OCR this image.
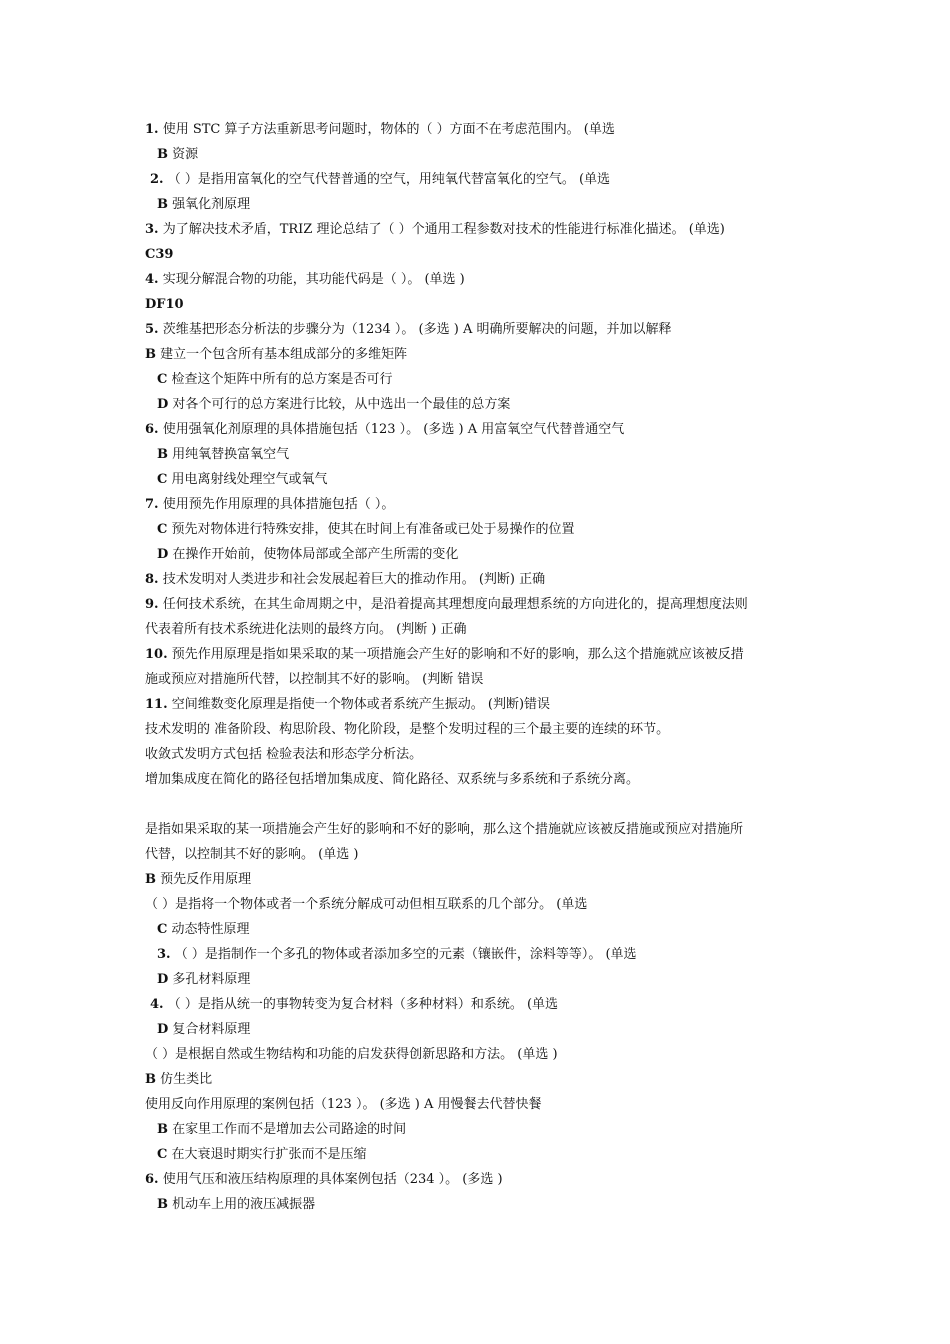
1. 使用 STC 算子方法重新思考问题时，物体的（ ）方面不在考虑范围内。 (单选
B 资源
2. （ ）是指用富氧化的空气代替普通的空气，用纯氧代替富氧化的空气。 (单选
B 强氧化剂原理
3. 为了解决技术矛盾，TRIZ 理论总结了（ ）个通用工程参数对技术的性能进行标准化描述。 (单选)
C39
4. 实现分解混合物的功能，其功能代码是（ ）。 (单选 )
DF10
5. 茨维基把形态分析法的步骤分为（1234 ）。 (多选 ) A 明确所要解决的问题，并加以解释
B 建立一个包含所有基本组成部分的多维矩阵
C 检查这个矩阵中所有的总方案是否可行
D 对各个可行的总方案进行比较，从中选出一个最佳的总方案
6. 使用强氧化剂原理的具体措施包括（123 ）。 (多选 ) A 用富氧空气代替普通空气
B 用纯氧替换富氧空气
C 用电离射线处理空气或氧气
7. 使用预先作用原理的具体措施包括（ ）。
C 预先对物体进行特殊安排，使其在时间上有准备或已处于易操作的位置
D 在操作开始前，使物体局部或全部产生所需的变化
8. 技术发明对人类进步和社会发展起着巨大的推动作用。 (判断) 正确
9. 任何技术系统，在其生命周期之中，是沿着提高其理想度向最理想系统的方向进化的，提高理想度法则
代表着所有技术系统进化法则的最终方向。 (判断 ) 正确
10. 预先作用原理是指如果采取的某一项措施会产生好的影响和不好的影响，那么这个措施就应该被反措
施或预应对措施所代替，以控制其不好的影响。 (判断 错误
11. 空间维数变化原理是指使一个物体或者系统产生振动。 (判断)错误
技术发明的 准备阶段、构思阶段、物化阶段，是整个发明过程的三个最主要的连续的环节。
收敛式发明方式包括 检验表法和形态学分析法。
增加集成度在简化的路径包括增加集成度、简化路径、双系统与多系统和子系统分离。
是指如果采取的某一项措施会产生好的影响和不好的影响，那么这个措施就应该被反措施或预应对措施所
代替，以控制其不好的影响。 (单选 )
B 预先反作用原理
（ ）是指将一个物体或者一个系统分解成可动但相互联系的几个部分。 (单选
C 动态特性原理
3. （ ）是指制作一个多孔的物体或者添加多空的元素（镶嵌件，涂料等等）。 (单选
D 多孔材料原理
4. （ ）是指从统一的事物转变为复合材料（多种材料）和系统。 (单选
D 复合材料原理
（ ）是根据自然或生物结构和功能的启发获得创新思路和方法。 (单选 )
B 仿生类比
使用反向作用原理的案例包括（123 ）。 (多选 ) A 用慢餐去代替快餐
B 在家里工作而不是增加去公司路途的时间
C 在大衰退时期实行扩张而不是压缩
6. 使用气压和液压结构原理的具体案例包括（234 ）。 (多选 )
B 机动车上用的液压减振器
